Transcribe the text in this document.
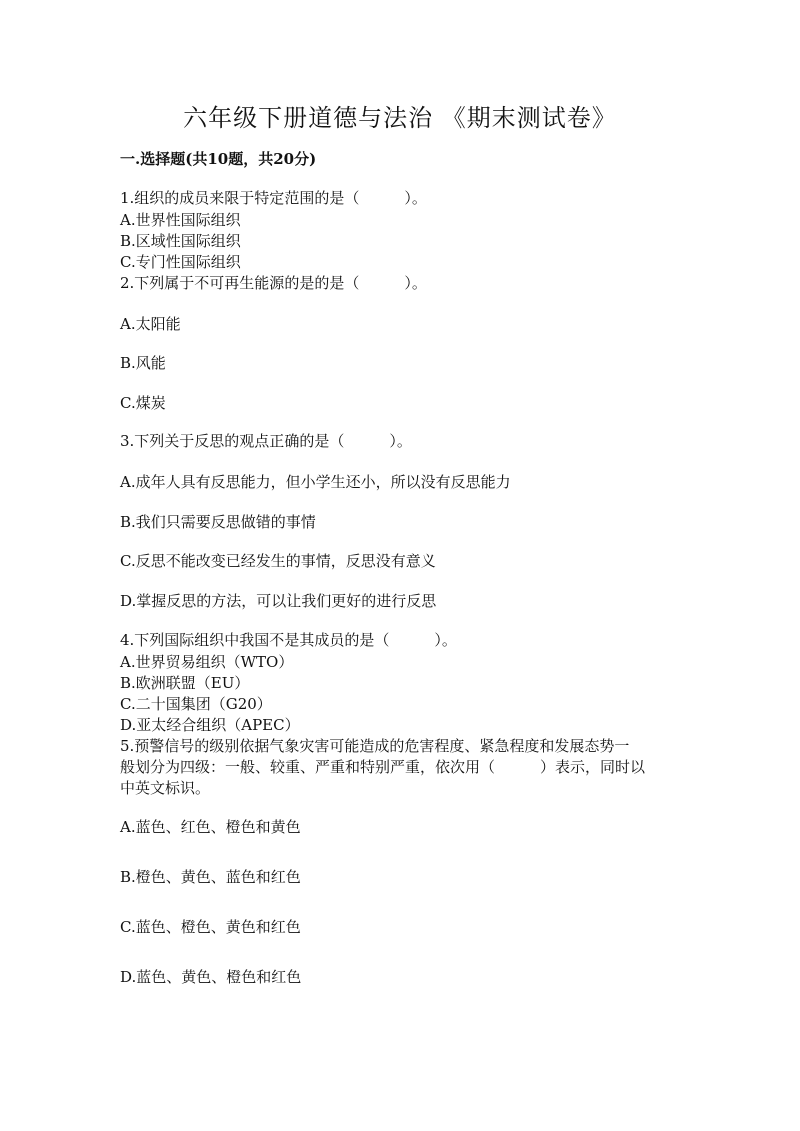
六年级下册道德与法治 《期末测试卷》
一.选择题(共10题，共20分)
1.组织的成员来限于特定范围的是（　　　）。
A.世界性国际组织
B.区域性国际组织
C.专门性国际组织
2.下列属于不可再生能源的是的是（　　　）。
A.太阳能
B.风能
C.煤炭
3.下列关于反思的观点正确的是（　　　）。
A.成年人具有反思能力，但小学生还小，所以没有反思能力
B.我们只需要反思做错的事情
C.反思不能改变已经发生的事情，反思没有意义
D.掌握反思的方法，可以让我们更好的进行反思
4.下列国际组织中我国不是其成员的是（　　　）。
A.世界贸易组织（WTO）
B.欧洲联盟（EU）
C.二十国集团（G20）
D.亚太经合组织（APEC）
5.预警信号的级别依据气象灾害可能造成的危害程度、紧急程度和发展态势一
般划分为四级：一般、较重、严重和特别严重，依次用（　　　）表示，同时以
中英文标识。
A.蓝色、红色、橙色和黄色
B.橙色、黄色、蓝色和红色
C.蓝色、橙色、黄色和红色
D.蓝色、黄色、橙色和红色
